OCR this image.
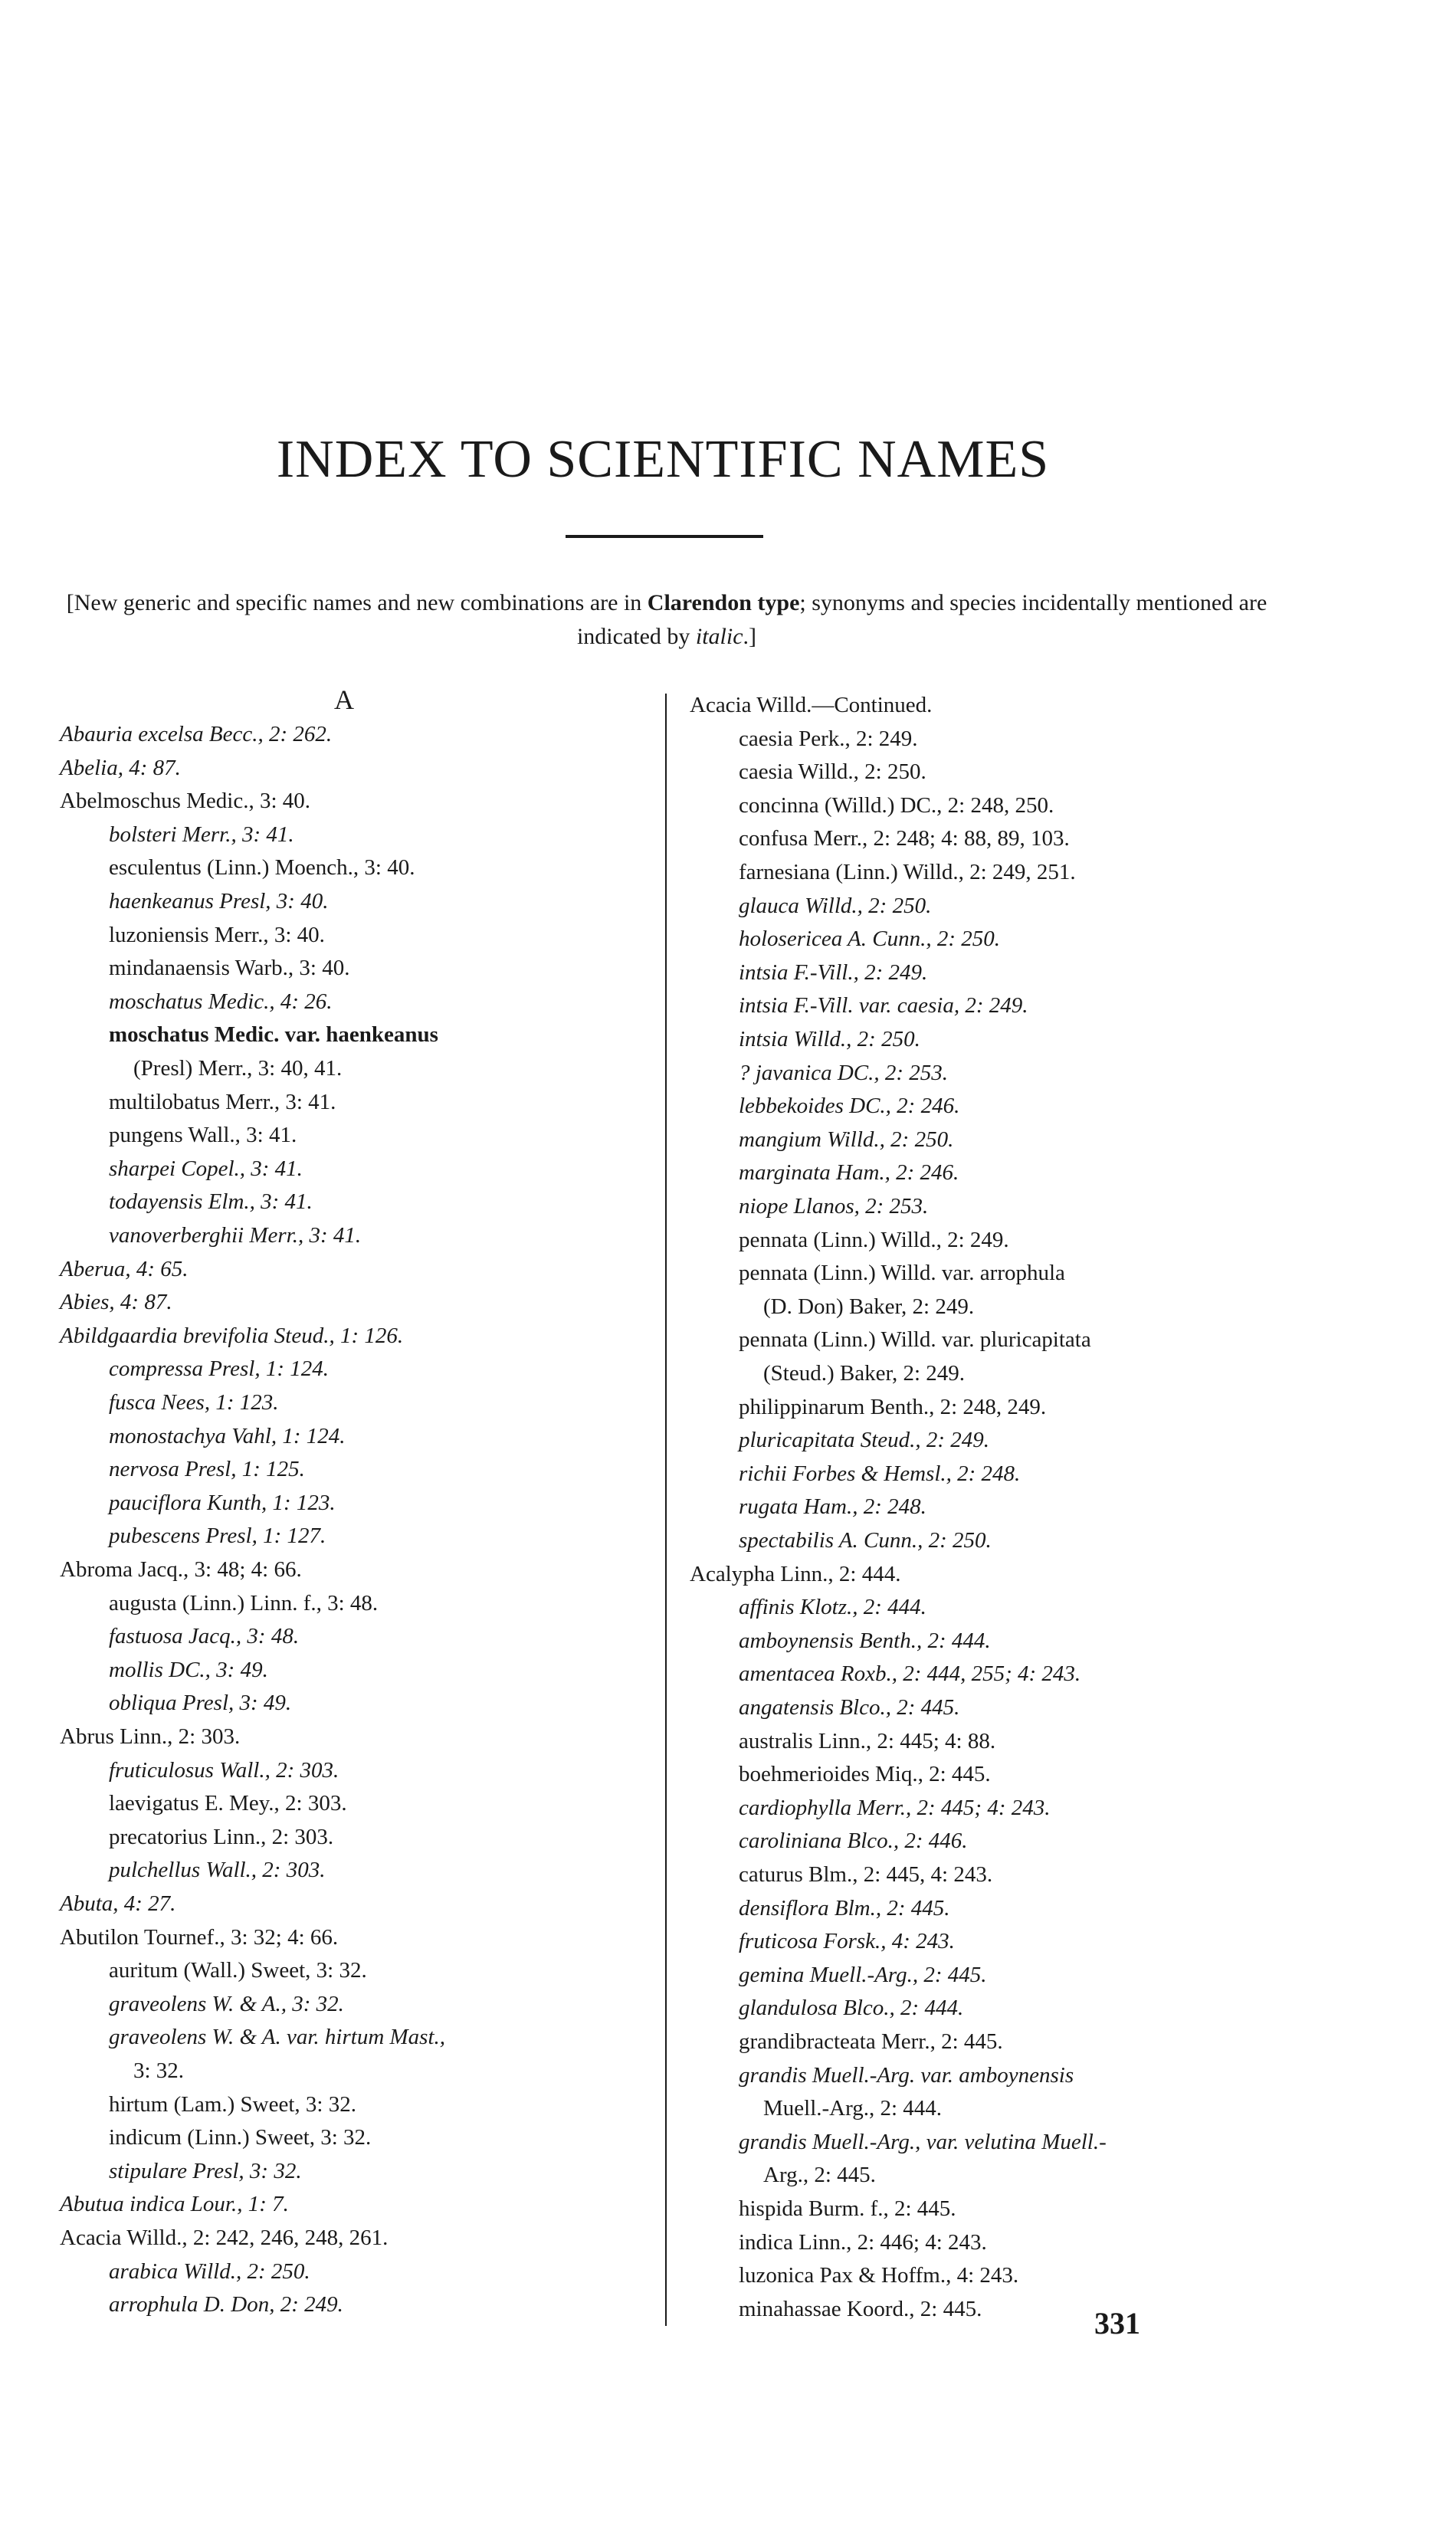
INDEX TO SCIENTIFIC NAMES

[New generic and specific names and new combinations are in Clarendon type; synonyms and species incidentally mentioned are indicated by italic.]

A
Abauria excelsa Becc., 2: 262.
Abelia, 4: 87.
Abelmoschus Medic., 3: 40.
bolsteri Merr., 3: 41.
esculentus (Linn.) Moench., 3: 40.
haenkeanus Presl, 3: 40.
luzoniensis Merr., 3: 40.
mindanaensis Warb., 3: 40.
moschatus Medic., 4: 26.
moschatus Medic. var. haenkeanus
(Presl) Merr., 3: 40, 41.
multilobatus Merr., 3: 41.
pungens Wall., 3: 41.
sharpei Copel., 3: 41.
todayensis Elm., 3: 41.
vanoverberghii Merr., 3: 41.
Aberua, 4: 65.
Abies, 4: 87.
Abildgaardia brevifolia Steud., 1: 126.
compressa Presl, 1: 124.
fusca Nees, 1: 123.
monostachya Vahl, 1: 124.
nervosa Presl, 1: 125.
pauciflora Kunth, 1: 123.
pubescens Presl, 1: 127.
Abroma Jacq., 3: 48; 4: 66.
augusta (Linn.) Linn. f., 3: 48.
fastuosa Jacq., 3: 48.
mollis DC., 3: 49.
obliqua Presl, 3: 49.
Abrus Linn., 2: 303.
fruticulosus Wall., 2: 303.
laevigatus E. Mey., 2: 303.
precatorius Linn., 2: 303.
pulchellus Wall., 2: 303.
Abuta, 4: 27.
Abutilon Tournef., 3: 32; 4: 66.
auritum (Wall.) Sweet, 3: 32.
graveolens W. & A., 3: 32.
graveolens W. & A. var. hirtum Mast.,
3: 32.
hirtum (Lam.) Sweet, 3: 32.
indicum (Linn.) Sweet, 3: 32.
stipulare Presl, 3: 32.
Abutua indica Lour., 1: 7.
Acacia Willd., 2: 242, 246, 248, 261.
arabica Willd., 2: 250.
arrophula D. Don, 2: 249.
Acacia Willd.—Continued.
caesia Perk., 2: 249.
caesia Willd., 2: 250.
concinna (Willd.) DC., 2: 248, 250.
confusa Merr., 2: 248; 4: 88, 89, 103.
farnesiana (Linn.) Willd., 2: 249, 251.
glauca Willd., 2: 250.
holosericea A. Cunn., 2: 250.
intsia F.-Vill., 2: 249.
intsia F.-Vill. var. caesia, 2: 249.
intsia Willd., 2: 250.
? javanica DC., 2: 253.
lebbekoides DC., 2: 246.
mangium Willd., 2: 250.
marginata Ham., 2: 246.
niope Llanos, 2: 253.
pennata (Linn.) Willd., 2: 249.
pennata (Linn.) Willd. var. arrophula
(D. Don) Baker, 2: 249.
pennata (Linn.) Willd. var. pluricapitata
(Steud.) Baker, 2: 249.
philippinarum Benth., 2: 248, 249.
pluricapitata Steud., 2: 249.
richii Forbes & Hemsl., 2: 248.
rugata Ham., 2: 248.
spectabilis A. Cunn., 2: 250.
Acalypha Linn., 2: 444.
affinis Klotz., 2: 444.
amboynensis Benth., 2: 444.
amentacea Roxb., 2: 444, 255; 4: 243.
angatensis Blco., 2: 445.
australis Linn., 2: 445; 4: 88.
boehmerioides Miq., 2: 445.
cardiophylla Merr., 2: 445; 4: 243.
caroliniana Blco., 2: 446.
caturus Blm., 2: 445, 4: 243.
densiflora Blm., 2: 445.
fruticosa Forsk., 4: 243.
gemina Muell.-Arg., 2: 445.
glandulosa Blco., 2: 444.
grandibracteata Merr., 2: 445.
grandis Muell.-Arg. var. amboynensis
Muell.-Arg., 2: 444.
grandis Muell.-Arg., var. velutina Muell.-
Arg., 2: 445.
hispida Burm. f., 2: 445.
indica Linn., 2: 446; 4: 243.
luzonica Pax & Hoffm., 4: 243.
minahassae Koord., 2: 445.	331
